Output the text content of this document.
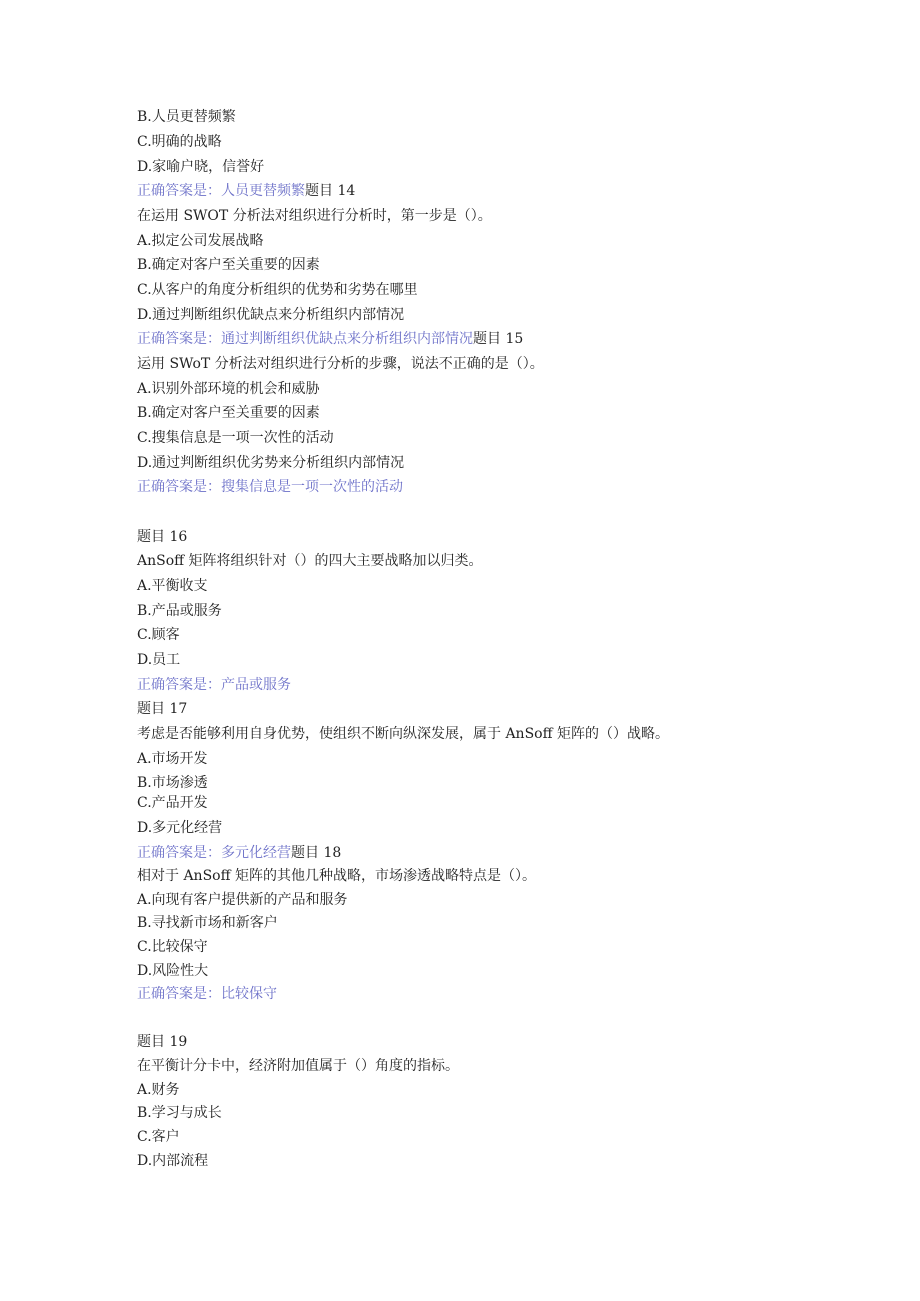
B.人员更替频繁
C.明确的战略
D.家喻户晓，信誉好
正确答案是：人员更替频繁题目 14
在运用 SWOT 分析法对组织进行分析时，第一步是（）。
A.拟定公司发展战略
B.确定对客户至关重要的因素
C.从客户的角度分析组织的优势和劣势在哪里
D.通过判断组织优缺点来分析组织内部情况
正确答案是：通过判断组织优缺点来分析组织内部情况题目 15
运用 SWoT 分析法对组织进行分析的步骤，说法不正确的是（）。
A.识别外部环境的机会和威胁
B.确定对客户至关重要的因素
C.搜集信息是一项一次性的活动
D.通过判断组织优劣势来分析组织内部情况
正确答案是：搜集信息是一项一次性的活动
题目 16
AnSoff 矩阵将组织针对（）的四大主要战略加以归类。
A.平衡收支
B.产品或服务
C.顾客
D.员工
正确答案是：产品或服务
题目 17
考虑是否能够利用自身优势，使组织不断向纵深发展，属于 AnSoff 矩阵的（）战略。
A.市场开发
B.市场渗透
C.产品开发
D.多元化经营
正确答案是：多元化经营题目 18
相对于 AnSoff 矩阵的其他几种战略，市场渗透战略特点是（）。
A.向现有客户提供新的产品和服务
B.寻找新市场和新客户
C.比较保守
D.风险性大
正确答案是：比较保守
题目 19
在平衡计分卡中，经济附加值属于（）角度的指标。
A.财务
B.学习与成长
C.客户
D.内部流程
